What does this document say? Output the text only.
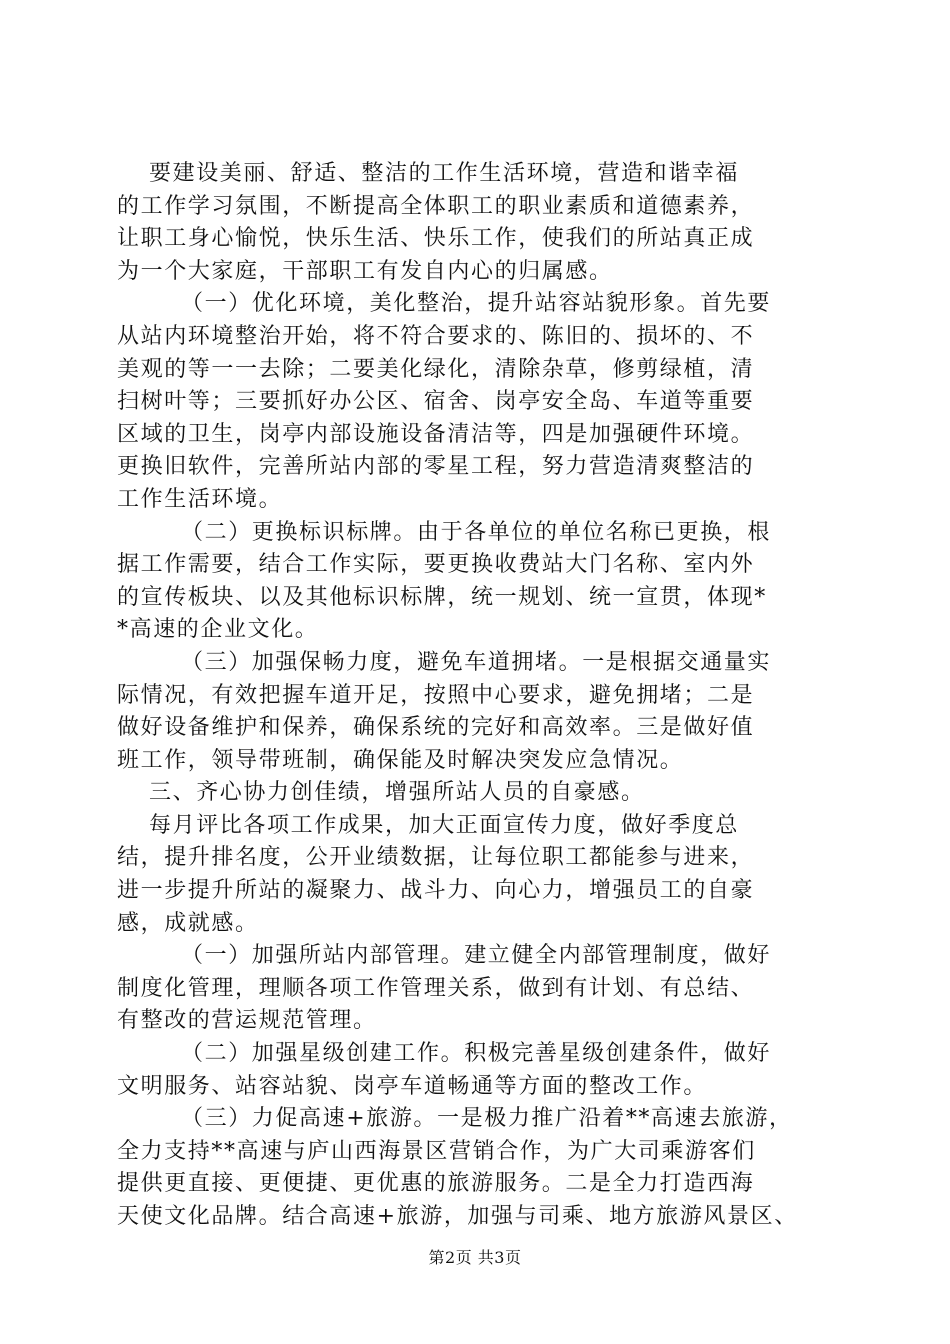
要建设美丽、舒适、整洁的工作生活环境，营造和谐幸福
的工作学习氛围，不断提高全体职工的职业素质和道德素养，
让职工身心愉悦，快乐生活、快乐工作，使我们的所站真正成
为一个大家庭，干部职工有发自内心的归属感。
（一）优化环境，美化整治，提升站容站貌形象。首先要
从站内环境整治开始，将不符合要求的、陈旧的、损坏的、不
美观的等一一去除；二要美化绿化，清除杂草，修剪绿植，清
扫树叶等；三要抓好办公区、宿舍、岗亭安全岛、车道等重要
区域的卫生，岗亭内部设施设备清洁等，四是加强硬件环境。
更换旧软件，完善所站内部的零星工程，努力营造清爽整洁的
工作生活环境。
（二）更换标识标牌。由于各单位的单位名称已更换，根
据工作需要，结合工作实际，要更换收费站大门名称、室内外
的宣传板块、以及其他标识标牌，统一规划、统一宣贯，体现*
*高速的企业文化。
（三）加强保畅力度，避免车道拥堵。一是根据交通量实
际情况，有效把握车道开足，按照中心要求，避免拥堵；二是
做好设备维护和保养，确保系统的完好和高效率。三是做好值
班工作，领导带班制，确保能及时解决突发应急情况。
三、齐心协力创佳绩，增强所站人员的自豪感。
每月评比各项工作成果，加大正面宣传力度，做好季度总
结，提升排名度，公开业绩数据，让每位职工都能参与进来，
进一步提升所站的凝聚力、战斗力、向心力，增强员工的自豪
感，成就感。
（一）加强所站内部管理。建立健全内部管理制度，做好
制度化管理，理顺各项工作管理关系，做到有计划、有总结、
有整改的营运规范管理。
（二）加强星级创建工作。积极完善星级创建条件，做好
文明服务、站容站貌、岗亭车道畅通等方面的整改工作。
（三）力促高速+旅游。一是极力推广沿着**高速去旅游，
全力支持**高速与庐山西海景区营销合作，为广大司乘游客们
提供更直接、更便捷、更优惠的旅游服务。二是全力打造西海
天使文化品牌。结合高速+旅游，加强与司乘、地方旅游风景区、
第2页 共3页
